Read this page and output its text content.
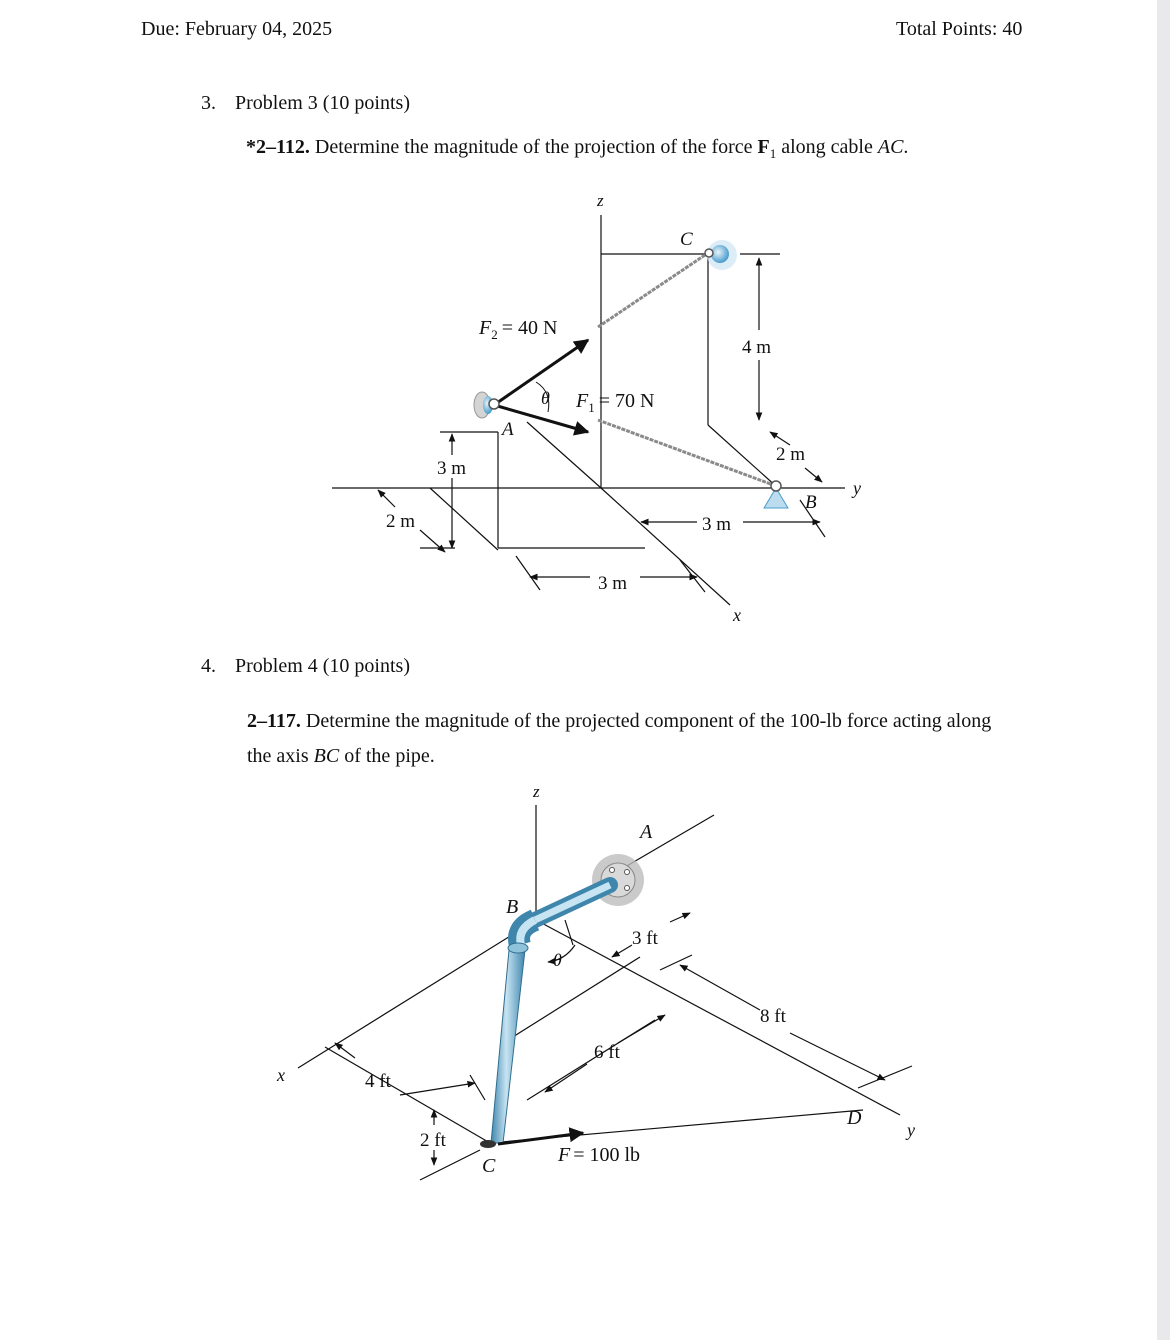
Due: February 04, 2025	Total Points: 40
3. Problem 3 (10 points)
*2–112. Determine the magnitude of the projection of the force $F_1$ along cable AC.
z
x
y
C
A
B
$F_2 = 40$ N
$F_1 = 70$ N
θ
4 m
2 m
3 m
2 m
3 m
3 m
4. Problem 4 (10 points)
2–117. Determine the magnitude of the projected component of the 100-lb force acting along
the axis BC of the pipe.
z
x
y
A
B
C
D
θ
3 ft
8 ft
6 ft
4 ft
2 ft
F = 100 lb
